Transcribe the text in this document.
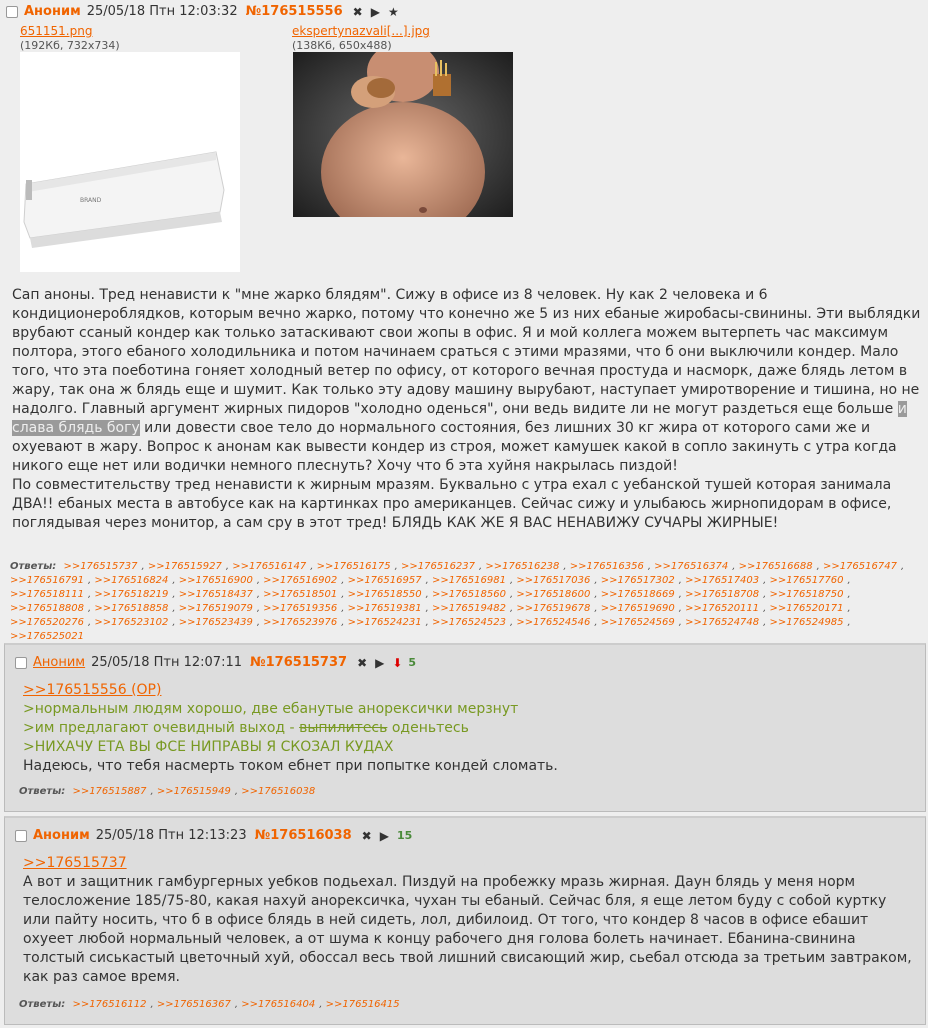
Аноним 25/05/18 Птн 12:03:32 №176515556 ✖ ▶ ★
651151.png
(192Кб, 732x734)
BRAND
ekspertynazvali[...].jpg
(138Кб, 650x488)

Сап аноны. Тред ненависти к "мне жарко блядям". Сижу в офисе из 8 человек. Ну как 2 человека и 6 кондиционероблядков, которым вечно жарко, потому что конечно же 5 из них ебаные жиробасы-свинины. Эти выблядки врубают ссаный кондер как только затаскивают свои жопы в офис. Я и мой коллега можем вытерпеть час максимум полтора, этого ебаного холодильника и потом начинаем сраться с этими мразями, что б они выключили кондер. Мало того, что эта поеботина гоняет холодный ветер по офису, от которого вечная простуда и насморк, даже блядь летом в жару, так она ж блядь еще и шумит. Как только эту адову машину вырубают, наступает умиротворение и тишина, но не надолго. Главный аргумент жирных пидоров "холодно оденься", они ведь видите ли не могут раздеться еще больше и слава блядь богу или довести свое тело до нормального состояния, без лишних 30 кг жира от которого сами же и охуевают в жару. Вопрос к анонам как вывести кондер из строя, может камушек какой в сопло закинуть с утра когда никого еще нет или водички немного плеснуть? Хочу что б эта хуйня накрылась пиздой!

По совместительству тред ненависти к жирным мразям. Буквально с утра ехал с уебанской тушей которая занимала ДВА!! ебаных места в автобусе как на картинках про американцев. Сейчас сижу и улыбаюсь жирнопидорам в офисе, поглядывая через монитор, а сам сру в этот тред! БЛЯДЬ КАК ЖЕ Я ВАС НЕНАВИЖУ СУЧАРЫ ЖИРНЫЕ!

Ответы: >>176515737 , >>176515927 , >>176516147 , >>176516175 , >>176516237 , >>176516238 , >>176516356 , >>176516374 , >>176516688 , >>176516747 , >>176516791 , >>176516824 , >>176516900 , >>176516902 , >>176516957 , >>176516981 , >>176517036 , >>176517302 , >>176517403 , >>176517760 , >>176518111 , >>176518219 , >>176518437 , >>176518501 , >>176518550 , >>176518560 , >>176518600 , >>176518669 , >>176518708 , >>176518750 , >>176518808 , >>176518858 , >>176519079 , >>176519356 , >>176519381 , >>176519482 , >>176519678 , >>176519690 , >>176520111 , >>176520171 , >>176520276 , >>176523102 , >>176523439 , >>176523976 , >>176524231 , >>176524523 , >>176524546 , >>176524569 , >>176524748 , >>176524985 , >>176525021
Аноним 25/05/18 Птн 12:07:11 №176515737 ✖ ▶ ⬇ 5

>>176515556 (OP)

>нормальным людям хорошо, две ебанутые анорексички мерзнут

>им предлагают очевидный выход - выпилитесь оденьтесь

>НИХАЧУ ЕТА ВЫ ФСЕ НИПРАВЫ Я СКОЗАЛ КУДАХ

Надеюсь, что тебя насмерть током ебнет при попытке кондей сломать.

Ответы: >>176515887 , >>176515949 , >>176516038
Аноним 25/05/18 Птн 12:13:23 №176516038 ✖ ▶ 15

>>176515737

А вот и защитник гамбургерных уебков подьехал. Пиздуй на пробежку мразь жирная. Даун блядь у меня норм телосложение 185/75-80, какая нахуй анорексичка, чухан ты ебаный. Сейчас бля, я еще летом буду с собой куртку или пайту носить, что б в офисе блядь в ней сидеть, лол, дибилоид. От того, что кондер 8 часов в офисе ебашит охуеет любой нормальный человек, а от шума к концу рабочего дня голова болеть начинает. Ебанина-свинина толстый сиськастый цветочный хуй, обоссал весь твой лишний свисающий жир, сьебал отсюда за третьим завтраком, как раз самое время.

Ответы: >>176516112 , >>176516367 , >>176516404 , >>176516415
